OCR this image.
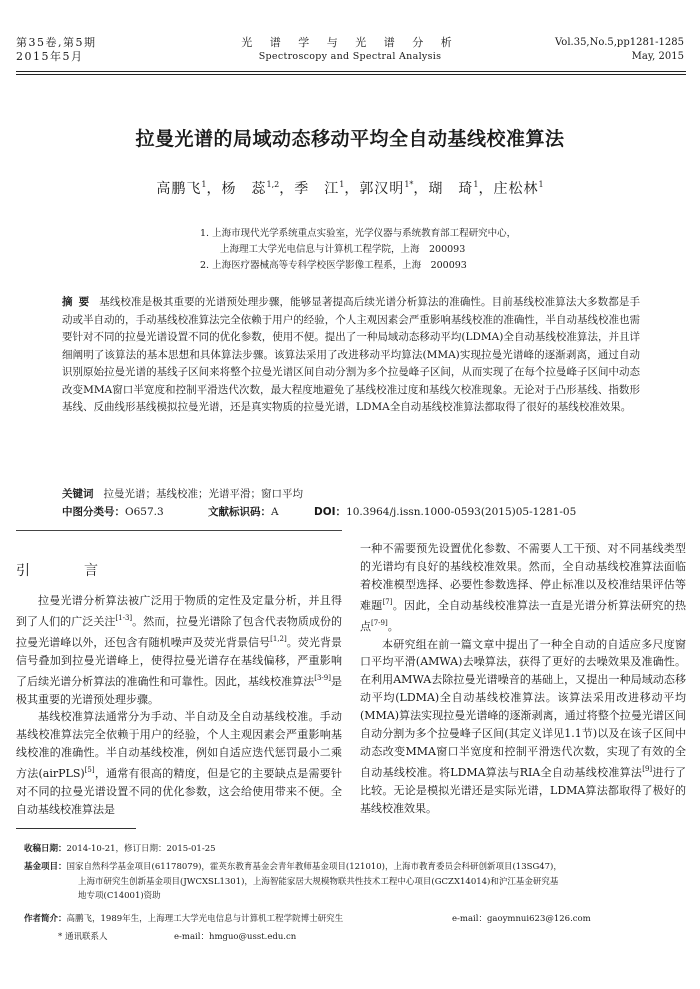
第35卷,第5期
2015年5月
光 谱 学 与 光 谱 分 析
Spectroscopy and Spectral Analysis
Vol.35,No.5,pp1281-1285
May, 2015
拉曼光谱的局域动态移动平均全自动基线校准算法
高鹏飞$^1$，杨　蕊$^{1,2}$，季　江$^1$，郭汉明$^{1*}$，瑚　琦$^1$，庄松林$^1$
1. 上海市现代光学系统重点实验室，光学仪器与系统教育部工程研究中心，
上海理工大学光电信息与计算机工程学院，上海　200093
2. 上海医疗器械高等专科学校医学影像工程系，上海　200093
摘要 基线校准是极其重要的光谱预处理步骤，能够显著提高后续光谱分析算法的准确性。目前基线校准算法大多数都是手动或半自动的，手动基线校准算法完全依赖于用户的经验，个人主观因素会严重影响基线校准的准确性，半自动基线校准也需要针对不同的拉曼光谱设置不同的优化参数，使用不便。提出了一种局域动态移动平均(LDMA)全自动基线校准算法，并且详细阐明了该算法的基本思想和具体算法步骤。该算法采用了改进移动平均算法(MMA)实现拉曼光谱峰的逐渐剥离，通过自动识别原始拉曼光谱的基线子区间来将整个拉曼光谱区间自动分割为多个拉曼峰子区间，从而实现了在每个拉曼峰子区间中动态改变MMA窗口半宽度和控制平滑迭代次数，最大程度地避免了基线校准过度和基线欠校准现象。无论对于凸形基线、指数形基线、反曲线形基线模拟拉曼光谱，还是真实物质的拉曼光谱，LDMA全自动基线校准算法都取得了很好的基线校准效果。
关键词 拉曼光谱；基线校准；光谱平滑；窗口平均
中图分类号：O657.3	文献标识码：A	DOI：10.3964/j.issn.1000-0593(2015)05-1281-05
引　言

拉曼光谱分析算法被广泛用于物质的定性及定量分析，并且得到了人们的广泛关注[1-3]。然而，拉曼光谱除了包含代表物质成份的拉曼光谱峰以外，还包含有随机噪声及荧光背景信号[1,2]。荧光背景信号叠加到拉曼光谱峰上，使得拉曼光谱存在基线偏移，严重影响了后续光谱分析算法的准确性和可靠性。因此，基线校准算法[3-9]是极其重要的光谱预处理步骤。

基线校准算法通常分为手动、半自动及全自动基线校准。手动基线校准算法完全依赖于用户的经验，个人主观因素会严重影响基线校准的准确性。半自动基线校准，例如自适应迭代惩罚最小二乘方法(airPLS)[5]，通常有很高的精度，但是它的主要缺点是需要针对不同的拉曼光谱设置不同的优化参数，这会给使用带来不便。全自动基线校准算法是

一种不需要预先设置优化参数、不需要人工干预、对不同基线类型的光谱均有良好的基线校准效果。然而，全自动基线校准算法面临着校准模型选择、必要性参数选择、停止标准以及校准结果评估等难题[7]。因此，全自动基线校准算法一直是光谱分析算法研究的热点[7-9]。

本研究组在前一篇文章中提出了一种全自动的自适应多尺度窗口平均平滑(AMWA)去噪算法，获得了更好的去噪效果及准确性。在利用AMWA去除拉曼光谱噪音的基础上，又提出一种局域动态移动平均(LDMA)全自动基线校准算法。该算法采用改进移动平均(MMA)算法实现拉曼光谱峰的逐渐剥离，通过将整个拉曼光谱区间自动分割为多个拉曼峰子区间(其定义详见1.1节)以及在该子区间中动态改变MMA窗口半宽度和控制平滑迭代次数，实现了有效的全自动基线校准。将LDMA算法与RIA全自动基线校准算法[9]进行了比较。无论是模拟光谱还是实际光谱，LDMA算法都取得了极好的基线校准效果。

收稿日期：2014-10-21，修订日期：2015-01-25
基金项目：国家自然科学基金项目(61178079)，霍英东教育基金会青年教师基金项目(121010)，上海市教育委员会科研创新项目(13SG47)，
上海市研究生创新基金项目(JWCXSL1301)，上海智能家居大规模物联共性技术工程中心项目(GCZX14014)和沪江基金研究基
地专项(C14001)资助
作者简介：高鹏飞，1989年生，上海理工大学光电信息与计算机工程学院博士研究生	e-mail：gaoymnui623@126.com
* 通讯联系人	e-mail：hmguo@usst.edu.cn
